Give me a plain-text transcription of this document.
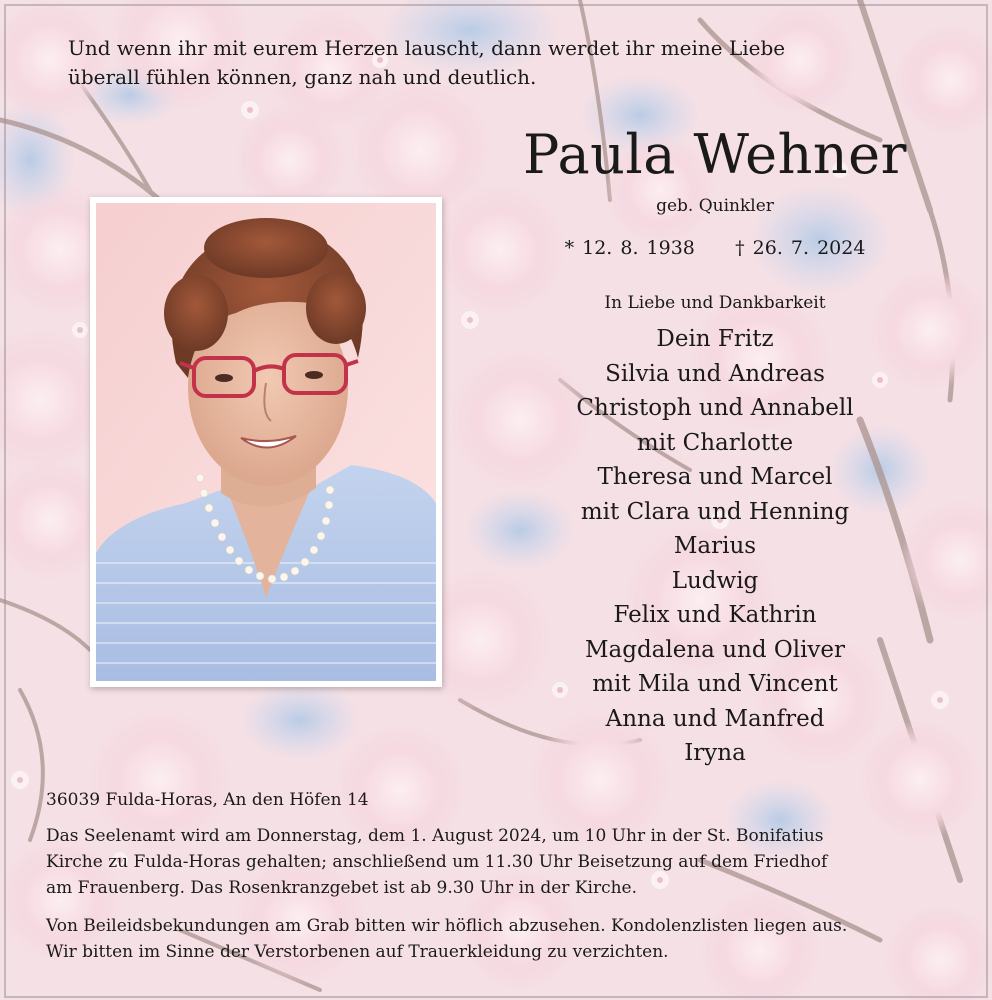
Und wenn ihr mit eurem Herzen lauscht, dann werdet ihr meine Liebe
überall fühlen können, ganz nah und deutlich.
Paula Wehner
geb. Quinkler
* 12. 8. 1938 † 26. 7. 2024
In Liebe und Dankbarkeit
Dein Fritz
Silvia und Andreas
Christoph und Annabell
mit Charlotte
Theresa und Marcel
mit Clara und Henning
Marius
Ludwig
Felix und Kathrin
Magdalena und Oliver
mit Mila und Vincent
Anna und Manfred
Iryna
36039 Fulda-Horas, An den Höfen 14
Das Seelenamt wird am Donnerstag, dem 1. August 2024, um 10 Uhr in der St. Bonifatius
Kirche zu Fulda-Horas gehalten; anschließend um 11.30 Uhr Beisetzung auf dem Friedhof
am Frauenberg. Das Rosenkranzgebet ist ab 9.30 Uhr in der Kirche.
Von Beileidsbekundungen am Grab bitten wir höflich abzusehen. Kondolenzlisten liegen aus.
Wir bitten im Sinne der Verstorbenen auf Trauerkleidung zu verzichten.
